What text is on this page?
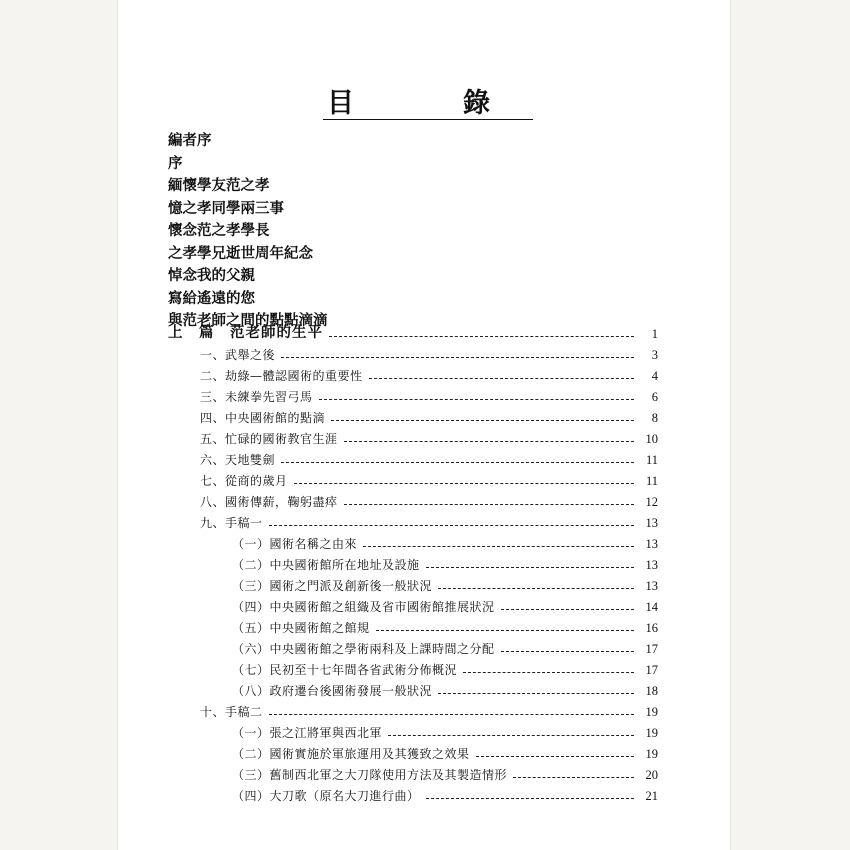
目	錄
編者序
序
緬懷學友范之孝
憶之孝同學兩三事
懷念范之孝學長
之孝學兄逝世周年紀念
悼念我的父親
寫給遙遠的您
與范老師之間的點點滴滴
上　篇　范老師的生平	1
一、武舉之後	3
二、劫綠—體認國術的重要性	4
三、未練拳先習弓馬	6
四、中央國術館的點滴	8
五、忙碌的國術教官生涯	10
六、天地雙劍	11
七、從商的歲月	11
八、國術傳薪，鞠躬盡瘁	12
九、手稿一	13
（一）國術名稱之由來	13
（二）中央國術館所在地址及設施	13
（三）國術之門派及創新後一般狀況	13
（四）中央國術館之組織及省市國術館推展狀況	14
（五）中央國術館之館規	16
（六）中央國術館之學術兩科及上課時間之分配	17
（七）民初至十七年間各省武術分佈概況	17
（八）政府遷台後國術發展一般狀況	18
十、手稿二	19
（一）張之江將軍與西北軍	19
（二）國術實施於軍旅運用及其獲致之效果	19
（三）舊制西北軍之大刀隊使用方法及其製造情形	20
（四）大刀歌（原名大刀進行曲）	21
